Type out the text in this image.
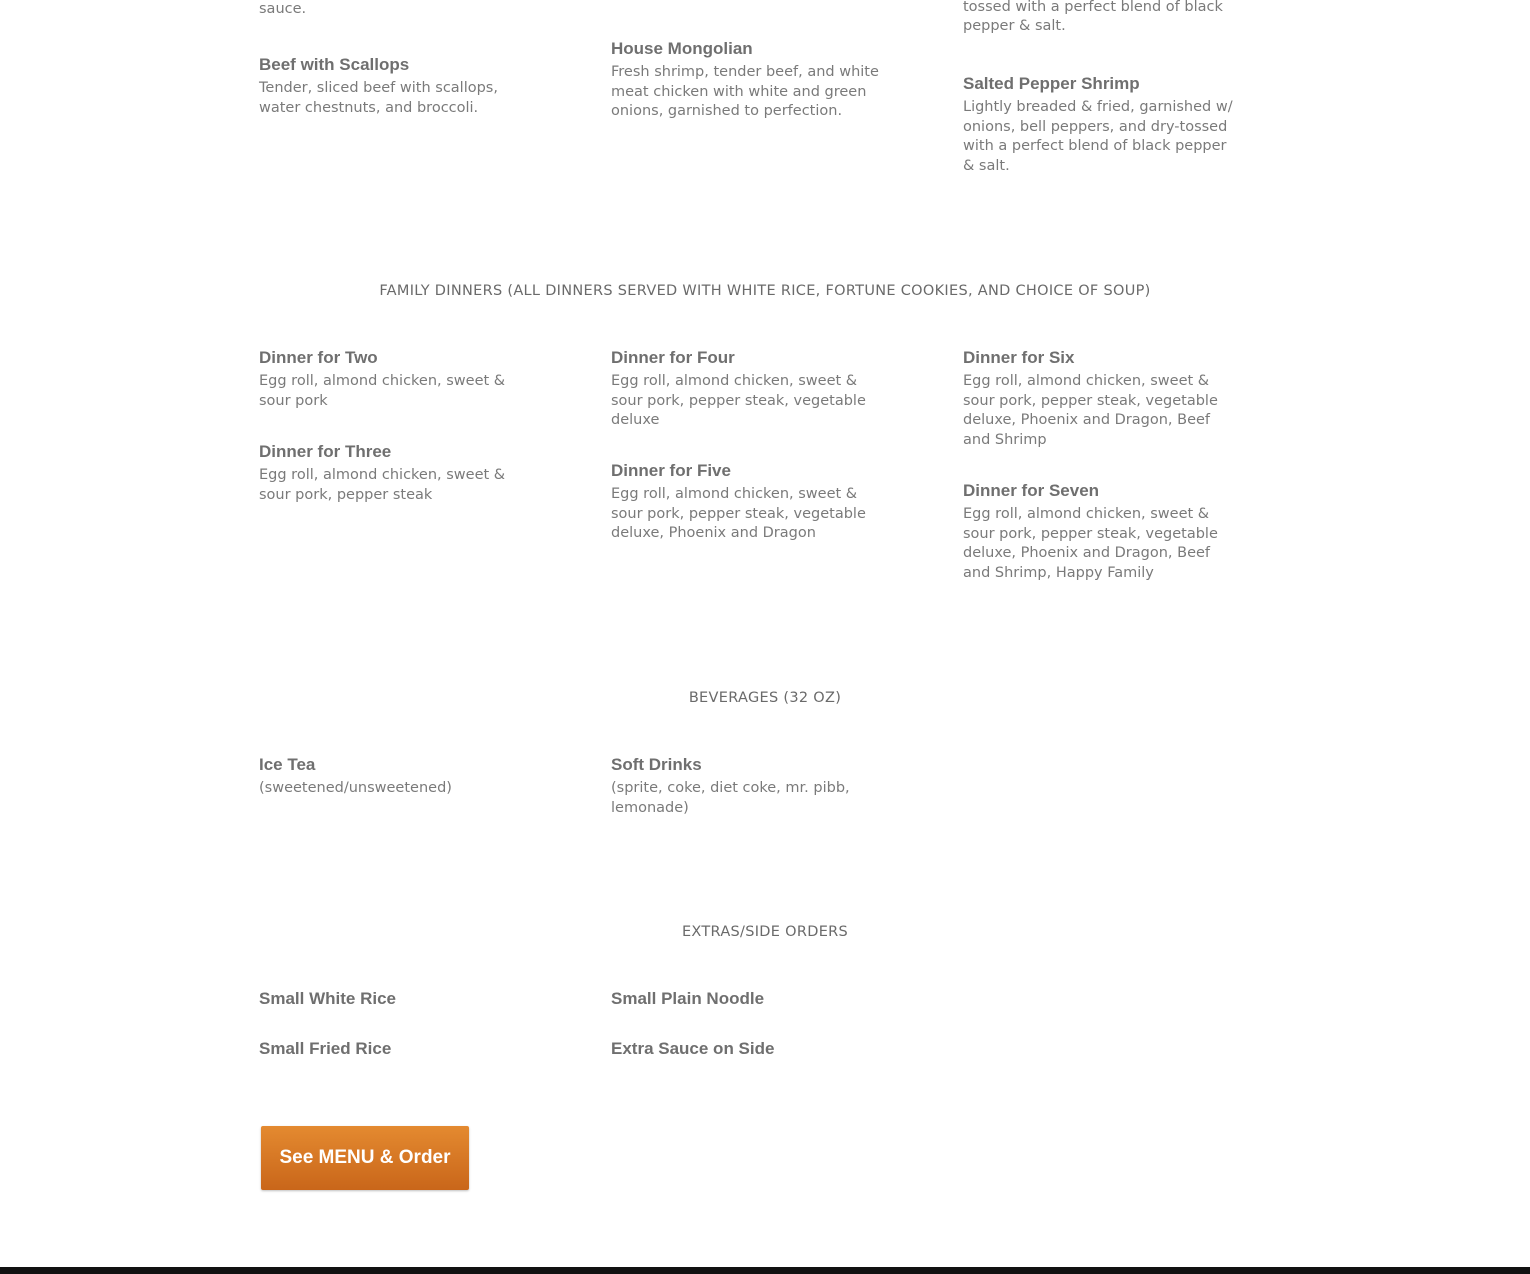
sauce.	tossed with a perfect blend of black pepper & salt.

Beef with Scallops

Tender, sliced beef with scallops, water chestnuts, and broccoli.

House Mongolian

Fresh shrimp, tender beef, and white meat chicken with white and green onions, garnished to perfection.

Salted Pepper Shrimp

Lightly breaded & fried, garnished w/ onions, bell peppers, and dry-tossed with a perfect blend of black pepper & salt.

FAMILY DINNERS (ALL DINNERS SERVED WITH WHITE RICE, FORTUNE COOKIES, AND CHOICE OF SOUP)
Dinner for Two

Egg roll, almond chicken, sweet & sour pork

Dinner for Three

Egg roll, almond chicken, sweet & sour pork, pepper steak

Dinner for Four

Egg roll, almond chicken, sweet & sour pork, pepper steak, vegetable deluxe

Dinner for Five

Egg roll, almond chicken, sweet & sour pork, pepper steak, vegetable deluxe, Phoenix and Dragon

Dinner for Six

Egg roll, almond chicken, sweet & sour pork, pepper steak, vegetable deluxe, Phoenix and Dragon, Beef and Shrimp

Dinner for Seven

Egg roll, almond chicken, sweet & sour pork, pepper steak, vegetable deluxe, Phoenix and Dragon, Beef and Shrimp, Happy Family

BEVERAGES (32 OZ)
Ice Tea

(sweetened/unsweetened)

Soft Drinks

(sprite, coke, diet coke, mr. pibb, lemonade)

EXTRAS/SIDE ORDERS
Small White Rice
Small Fried Rice
Small Plain Noodle
Extra Sauce on Side
See MENU & Order
